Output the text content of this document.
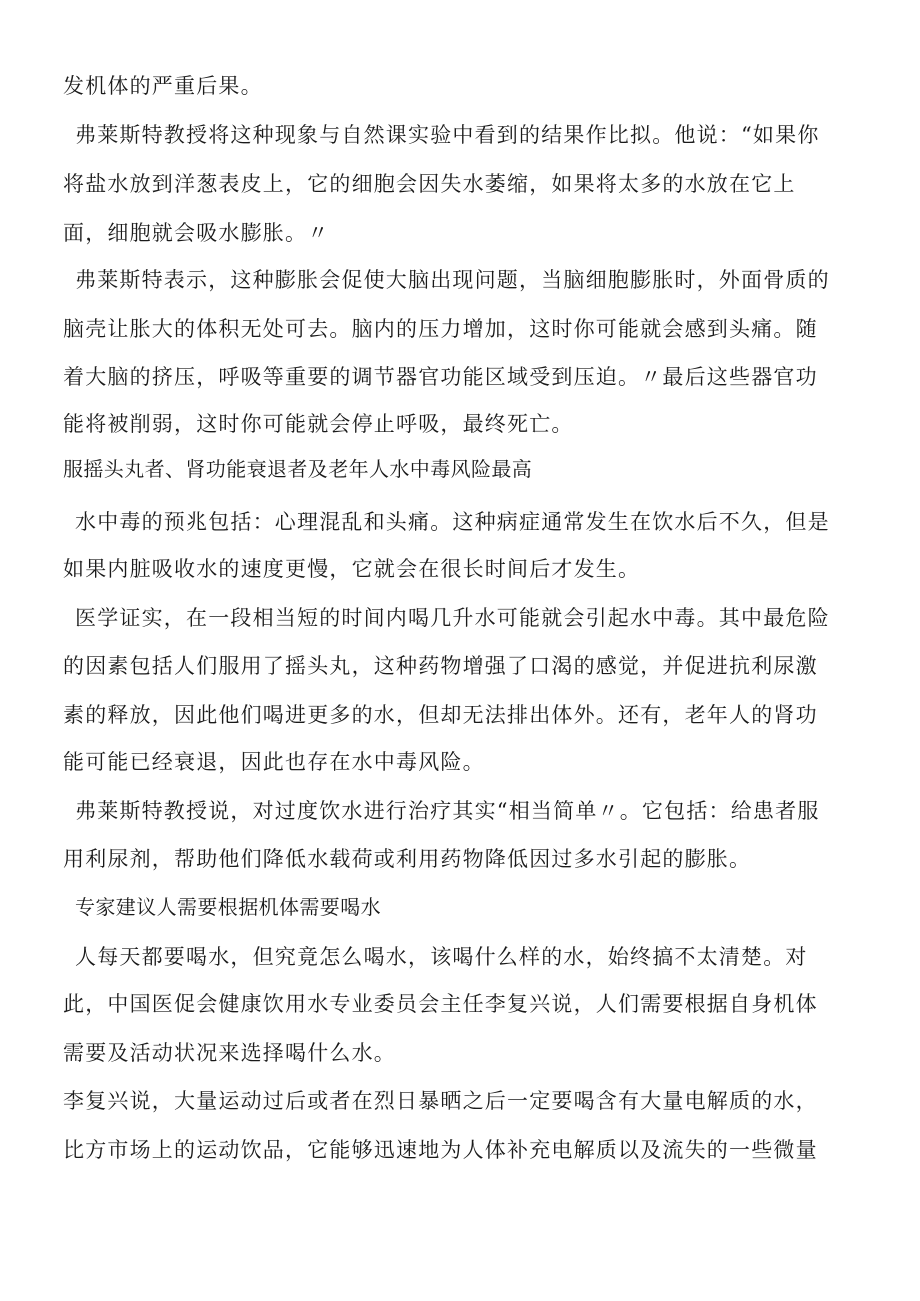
发机体的严重后果。
弗莱斯特教授将这种现象与自然课实验中看到的结果作比拟。他说：“如果你
将盐水放到洋葱表皮上，它的细胞会因失水萎缩，如果将太多的水放在它上
面，细胞就会吸水膨胀。〃
弗莱斯特表示，这种膨胀会促使大脑出现问题，当脑细胞膨胀时，外面骨质的
脑壳让胀大的体积无处可去。脑内的压力增加，这时你可能就会感到头痛。随
着大脑的挤压，呼吸等重要的调节器官功能区域受到压迫。〃最后这些器官功
能将被削弱，这时你可能就会停止呼吸，最终死亡。
服摇头丸者、肾功能衰退者及老年人水中毒风险最高
水中毒的预兆包括：心理混乱和头痛。这种病症通常发生在饮水后不久，但是
如果内脏吸收水的速度更慢，它就会在很长时间后才发生。
医学证实，在一段相当短的时间内喝几升水可能就会引起水中毒。其中最危险
的因素包括人们服用了摇头丸，这种药物增强了口渴的感觉，并促进抗利尿激
素的释放，因此他们喝进更多的水，但却无法排出体外。还有，老年人的肾功
能可能已经衰退，因此也存在水中毒风险。
弗莱斯特教授说，对过度饮水进行治疗其实“相当简单〃。它包括：给患者服
用利尿剂，帮助他们降低水载荷或利用药物降低因过多水引起的膨胀。
专家建议人需要根据机体需要喝水
人每天都要喝水，但究竟怎么喝水，该喝什么样的水，始终搞不太清楚。对
此，中国医促会健康饮用水专业委员会主任李复兴说，人们需要根据自身机体
需要及活动状况来选择喝什么水。
李复兴说，大量运动过后或者在烈日暴晒之后一定要喝含有大量电解质的水，
比方市场上的运动饮品，它能够迅速地为人体补充电解质以及流失的一些微量
